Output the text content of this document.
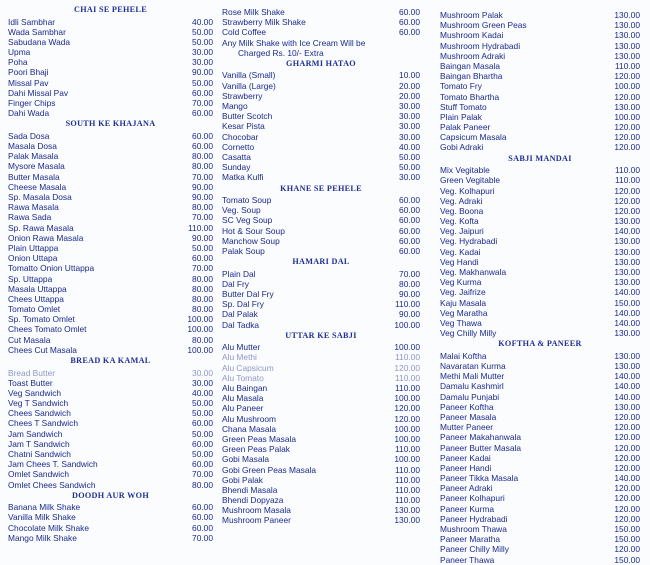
CHAI SE PEHELE
Idli Sambhar	40.00
Wada Sambhar	50.00
Sabudana Wada	50.00
Upma	30.00
Poha	30.00
Poori Bhaji	90.00
Missal Pav	50.00
Dahi Missal Pav	60.00
Finger Chips	70.00
Dahi Wada	60.00
SOUTH KE KHAJANA
Sada Dosa	60.00
Masala Dosa	60.00
Palak Masala	80.00
Mysore Masala	80.00
Butter Masala	70.00
Cheese Masala	90.00
Sp. Masala Dosa	90.00
Rawa Masala	80.00
Rawa Sada	70.00
Sp. Rawa Masala	110.00
Onion Rawa Masala	90.00
Plain Uttappa	50.00
Onion Uttapa	60.00
Tomatto Onion Uttappa	70.00
Sp. Uttappa	80.00
Masala Uttappa	80.00
Chees Uttappa	80.00
Tomato Omlet	80.00
Sp. Tomato Omlet	100.00
Chees Tomato Omlet	100.00
Cut Masala	80.00
Chees Cut Masala	100.00
BREAD KA KAMAL
Bread Butter	30.00
Toast Butter	30.00
Veg Sandwich	40.00
Veg T Sandwich	50.00
Chees Sandwich	50.00
Chees T Sandwich	60.00
Jam Sandwich	50.00
Jam T Sandwich	60.00
Chatni Sandwich	50.00
Jam Chees T. Sandwich	60.00
Omlet Sandwich	70.00
Omlet Chees Sandwich	80.00
DOODH AUR WOH
Banana Milk Shake	60.00
Vanilla Milk Shake	60.00
Chocolate Milk Shake	60.00
Mango Milk Shake	70.00
Rose Milk Shake	60.00
Strawberry Milk Shake	60.00
Cold Coffee	60.00
Any Milk Shake with Ice Cream Will be
Charged Rs. 10/- Extra
GHARMI HATAO
Vanilla (Small)	10.00
Vanilla (Large)	20.00
Strawberry	20.00
Mango	30.00
Butter Scotch	30.00
Kesar Pista	30.00
Chocobar	30.00
Cornetto	40.00
Casatta	50.00
Sunday	50.00
Matka Kulfi	30.00
KHANE SE PEHELE
Tomato Soup	60.00
Veg. Soup	60.00
SC Veg Soup	60.00
Hot & Sour Soup	60.00
Manchow Soup	60.00
Palak Soup	60.00
HAMARI DAL
Plain Dal	70.00
Dal Fry	80.00
Butter Dal Fry	90.00
Sp. Dal Fry	110.00
Dal Palak	90.00
Dal Tadka	100.00
UTTAR KE SABJI
Alu Mutter	100.00
Alu Methi	110.00
Alu Capsicum	120.00
Alu Tomato	110.00
Alu Baingan	110.00
Alu Masala	100.00
Alu Paneer	120.00
Alu Mushroom	120.00
Chana Masala	100.00
Green Peas Masala	100.00
Green Peas Palak	110.00
Gobi Masala	100.00
Gobi Green Peas Masala	110.00
Gobi Palak	110.00
Bhendi Masala	110.00
Bhendi Dopyaza	110.00
Mushroom Masala	130.00
Mushroom Paneer	130.00
Mushroom Palak	130.00
Mushroom Green Peas	130.00
Mushroom Kadai	130.00
Mushroom Hydrabadi	130.00
Mushroom Adraki	130.00
Baingan Masala	110.00
Baingan Bhartha	120.00
Tomato Fry	100.00
Tomato Bhartha	120.00
Stuff Tomato	130.00
Plain Palak	100.00
Palak Paneer	120.00
Capsicum Masala	120.00
Gobi Adraki	120.00
SABJI MANDAI
Mix Vegitable	110.00
Green Vegitable	110.00
Veg. Kolhapuri	120.00
Veg. Adraki	120.00
Veg. Boona	120.00
Veg. Kofta	130.00
Veg. Jaipuri	140.00
Veg. Hydrabadi	130.00
Veg. Kadai	130.00
Veg Handi	130.00
Veg. Makhanwala	130.00
Veg Kurma	130.00
Veg. Jaifrize	140.00
Kaju Masala	150.00
Veg Maratha	140.00
Veg Thawa	140.00
Veg Chilly Milly	130.00
KOFTHA & PANEER
Malai Koftha	130.00
Navaratan Kurma	130.00
Methi Mali Mutter	140.00
Damalu Kashmirl	140.00
Damalu Punjabi	140.00
Paneer Koftha	130.00
Paneer Masala	120.00
Mutter Paneer	120.00
Paneer Makahanwala	120.00
Paneer Butter Masala	120.00
Paneer Kadai	120.00
Paneer Handi	120.00
Paneer Tikka Masala	140.00
Paneer Adraki	120.00
Paneer Kolhapuri	120.00
Paneer Kurma	120.00
Paneer Hydrabadi	120.00
Mushroom Thawa	150.00
Paneer Maratha	150.00
Paneer Chilly Milly	120.00
Paneer Thawa	150.00
